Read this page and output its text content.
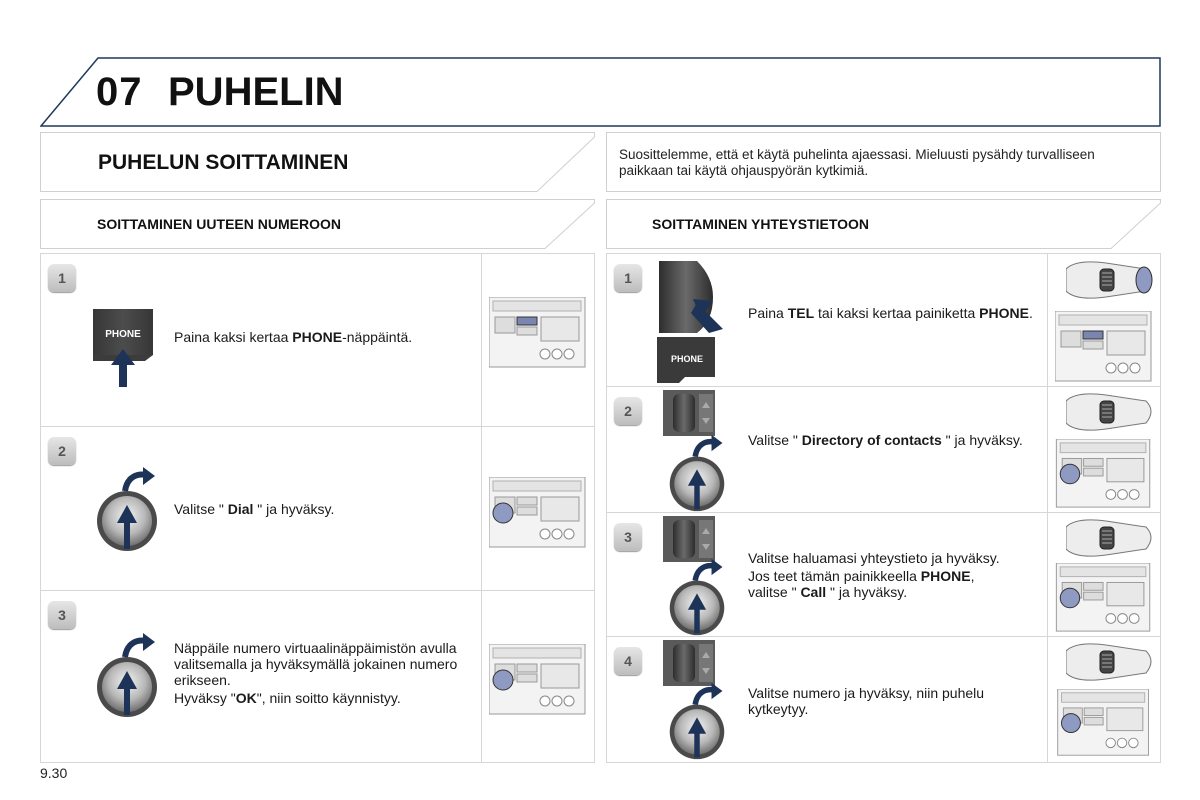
07 PUHELIN
PUHELUN SOITTAMINEN	Suosittelemme, että et käytä puhelinta ajaessasi. Mieluusti pysähdy turvalliseen paikkaan tai käytä ohjauspyörän kytkimiä.
SOITTAMINEN UUTEEN NUMEROON	SOITTAMINEN YHTEYSTIETOON
1
PHONE Paina kaksi kertaa PHONE-näppäintä.
2
Valitse " Dial " ja hyväksy.
3
Näppäile numero virtuaalinäppäimistön avulla valitsemalla ja hyväksymällä jokainen numero erikseen.
Hyväksy "OK", niin soitto käynnistyy.
1
PHONE
Paina TEL tai kaksi kertaa painiketta PHONE.
2
Valitse " Directory of contacts " ja hyväksy.
3
Valitse haluamasi yhteystieto ja hyväksy.
Jos teet tämän painikkeella PHONE,
valitse " Call " ja hyväksy.
4
Valitse numero ja hyväksy, niin puhelu kytkeytyy.
9.30
